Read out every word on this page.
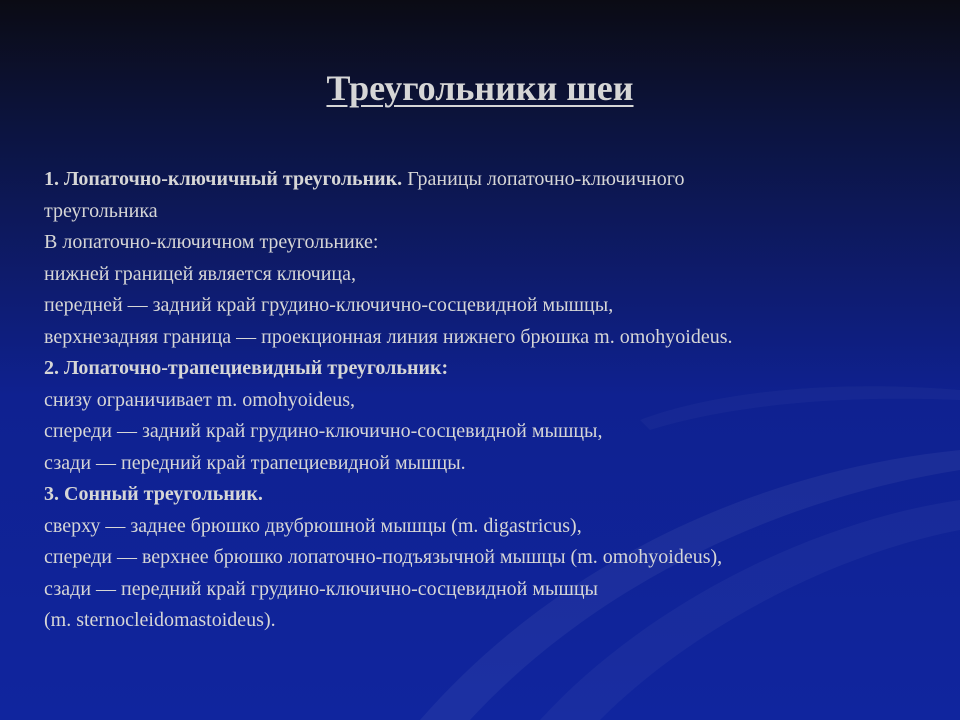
Треугольники шеи
1. Лопаточно-ключичный треугольник. Границы лопаточно-ключичного
треугольника
В лопаточно-ключичном треугольнике:
нижней границей является ключица,
передней — задний край грудино-ключично-сосцевидной мышцы,
верхнезадняя граница — проекционная линия нижнего брюшка m. omohyoideus.
2. Лопаточно-трапециевидный треугольник:
снизу ограничивает m. omohyoideus,
спереди — задний край грудино-ключично-сосцевидной мышцы,
сзади — передний край трапециевидной мышцы.
3. Сонный треугольник.
сверху — заднее брюшко двубрюшной мышцы (m. digastricus),
спереди — верхнее брюшко лопаточно-подъязычной мышцы (m. omohyoideus),
сзади — передний край грудино-ключично-сосцевидной мышцы
(m. sternocleidomastoideus).
